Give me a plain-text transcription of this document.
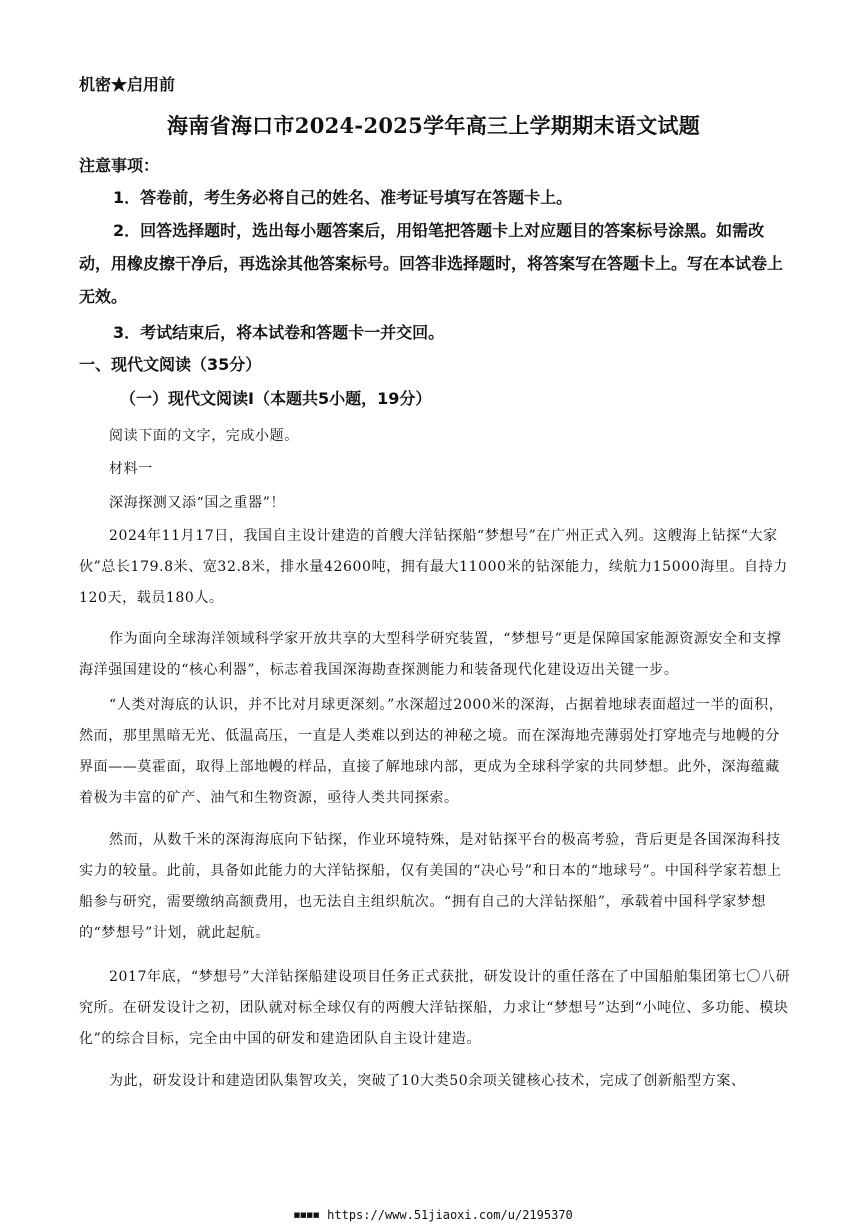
机密★启用前
海南省海口市2024-2025学年高三上学期期末语文试题
注意事项：
1．答卷前，考生务必将自己的姓名、准考证号填写在答题卡上。
2．回答选择题时，选出每小题答案后，用铅笔把答题卡上对应题目的答案标号涂黑。如需改动，用橡皮擦干净后，再选涂其他答案标号。回答非选择题时，将答案写在答题卡上。写在本试卷上无效。
3．考试结束后，将本试卷和答题卡一并交回。
一、现代文阅读（35分）
（一）现代文阅读Ⅰ（本题共5小题，19分）
阅读下面的文字，完成小题。
材料一
深海探测又添“国之重器”！
2024年11月17日，我国自主设计建造的首艘大洋钻探船“梦想号”在广州正式入列。这艘海上钻探“大家伙”总长179.8米、宽32.8米，排水量42600吨，拥有最大11000米的钻深能力，续航力15000海里。自持力120天，载员180人。
作为面向全球海洋领域科学家开放共享的大型科学研究装置，“梦想号”更是保障国家能源资源安全和支撑海洋强国建设的“核心利器”，标志着我国深海勘查探测能力和装备现代化建设迈出关键一步。
“人类对海底的认识，并不比对月球更深刻。”水深超过2000米的深海，占据着地球表面超过一半的面积，然而，那里黑暗无光、低温高压，一直是人类难以到达的神秘之境。而在深海地壳薄弱处打穿地壳与地幔的分界面——莫霍面，取得上部地幔的样品，直接了解地球内部，更成为全球科学家的共同梦想。此外，深海蕴藏着极为丰富的矿产、油气和生物资源，亟待人类共同探索。
然而，从数千米的深海海底向下钻探，作业环境特殊，是对钻探平台的极高考验，背后更是各国深海科技实力的较量。此前，具备如此能力的大洋钻探船，仅有美国的“决心号”和日本的“地球号”。中国科学家若想上船参与研究，需要缴纳高额费用，也无法自主组织航次。“拥有自己的大洋钻探船”，承载着中国科学家梦想的“梦想号”计划，就此起航。
2017年底，“梦想号”大洋钻探船建设项目任务正式获批，研发设计的重任落在了中国船舶集团第七〇八研究所。在研发设计之初，团队就对标全球仅有的两艘大洋钻探船，力求让“梦想号”达到“小吨位、多功能、模块化”的综合目标，完全由中国的研发和建造团队自主设计建造。
为此，研发设计和建造团队集智攻关，突破了10大类50余项关键核心技术，完成了创新船型方案、
■■■■ https://www.51jiaoxi.com/u/2195370
